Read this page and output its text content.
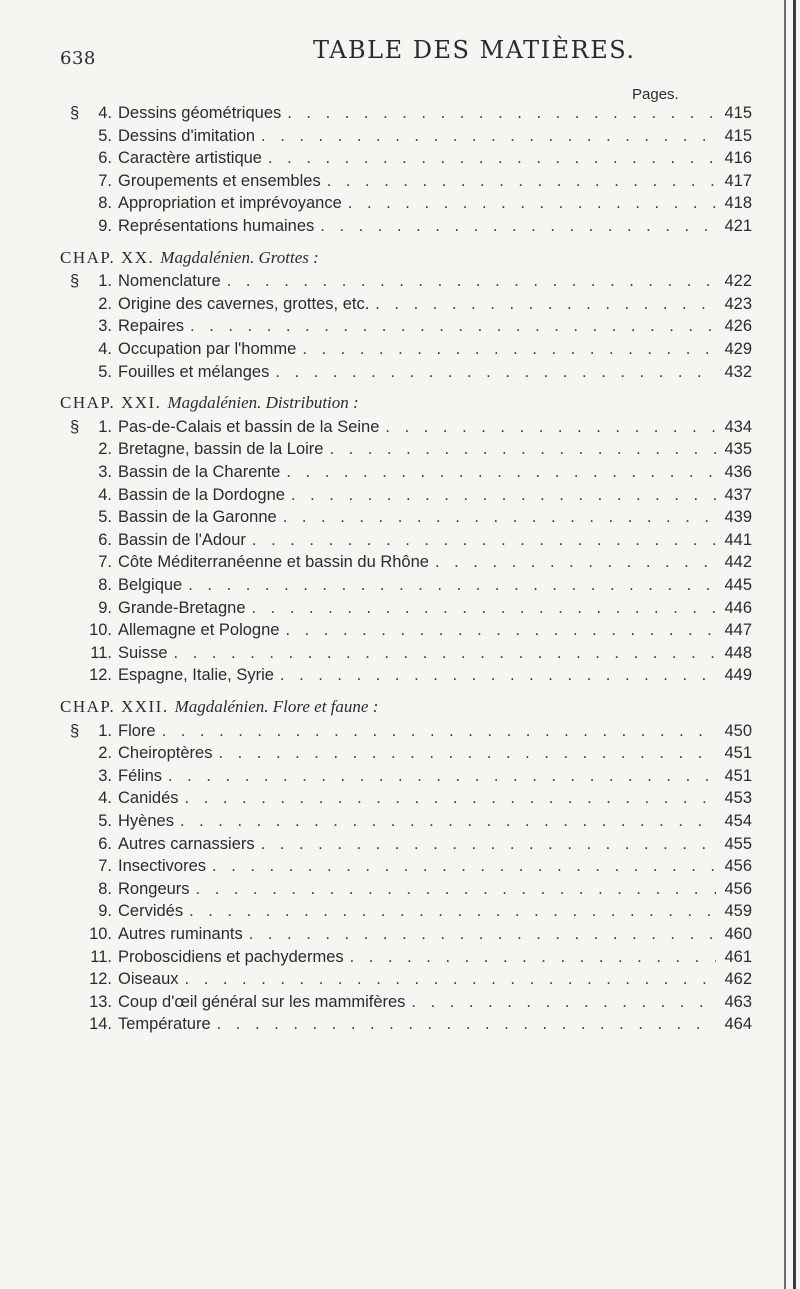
638	TABLE DES MATIÈRES.
Pages.
§	4. Dessins géométriques . . .	415
5. Dessins d'imitation . . .	415
6. Caractère artistique . . .	416
7. Groupements et ensembles . . .	417
8. Appropriation et imprévoyance . . .	418
9. Représentations humaines . . .	421
CHAP. XX. Magdalénien. Grottes :
§	1. Nomenclature . . .	422
2. Origine des cavernes, grottes, etc. . . .	423
3. Repaires . . .	426
4. Occupation par l'homme . . .	429
5. Fouilles et mélanges . . .	432
CHAP. XXI. Magdalénien. Distribution :
§	1. Pas-de-Calais et bassin de la Seine . . .	434
2. Bretagne, bassin de la Loire . . .	435
3. Bassin de la Charente . . .	436
4. Bassin de la Dordogne . . .	437
5. Bassin de la Garonne . . .	439
6. Bassin de l'Adour . . .	441
7. Côte Méditerranéenne et bassin du Rhône . . .	442
8. Belgique . . .	445
9. Grande-Bretagne . . .	446
10. Allemagne et Pologne . . .	447
11. Suisse . . .	448
12. Espagne, Italie, Syrie . . .	449
CHAP. XXII. Magdalénien. Flore et faune :
§	1. Flore . . .	450
2. Cheiroptères . . .	451
3. Félins . . .	451
4. Canidés . . .	453
5. Hyènes . . .	454
6. Autres carnassiers . . .	455
7. Insectivores . . .	456
8. Rongeurs . . .	456
9. Cervidés . . .	459
10. Autres ruminants . . .	460
11. Proboscidiens et pachydermes . . .	461
12. Oiseaux . . .	462
13. Coup d'œil général sur les mammifères . . .	463
14. Température . . .	464
